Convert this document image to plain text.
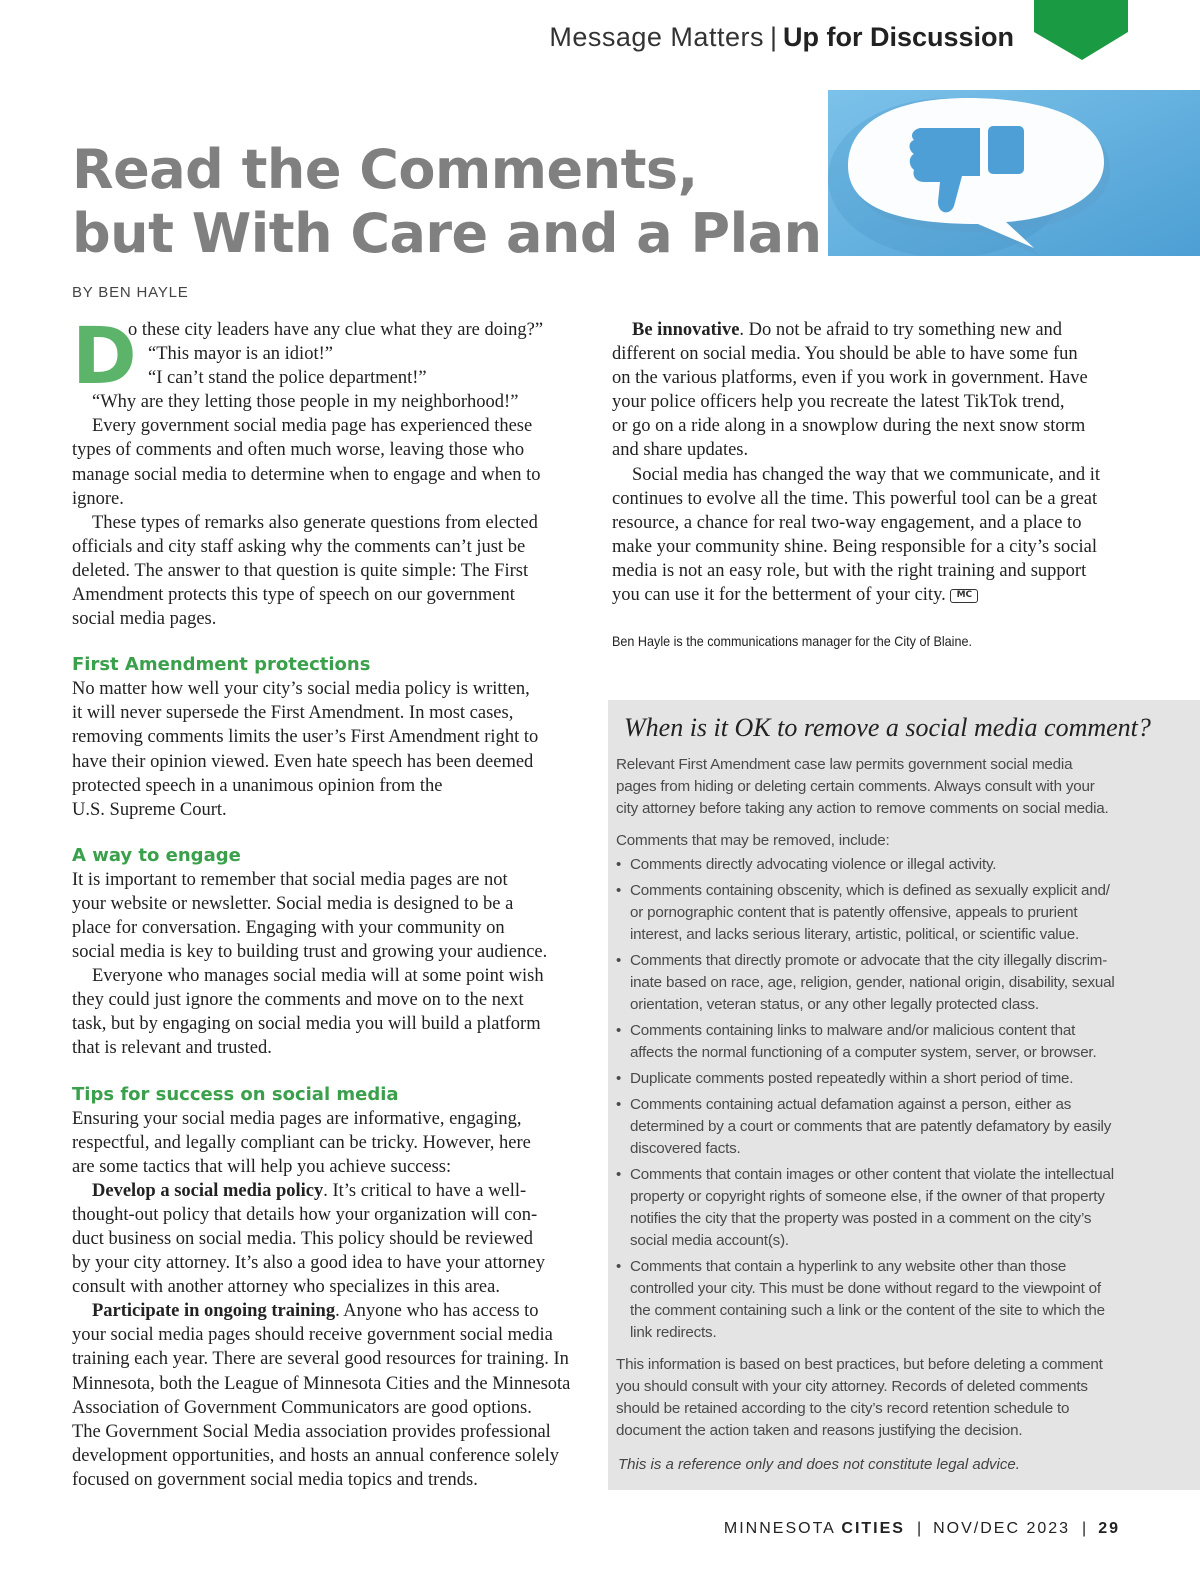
Message Matters | Up for Discussion
Read the Comments,
but With Care and a Plan
BY BEN HAYLE
D
o these city leaders have any clue what they are doing?”
“This mayor is an idiot!”
“I can’t stand the police department!”
“Why are they letting those people in my neighborhood!”
Every government social media page has experienced these
types of comments and often much worse, leaving those who
manage social media to determine when to engage and when to
ignore.
These types of remarks also generate questions from elected
officials and city staff asking why the comments can’t just be
deleted. The answer to that question is quite simple: The First
Amendment protects this type of speech on our government
social media pages.
First Amendment protections
No matter how well your city’s social media policy is written,
it will never supersede the First Amendment. In most cases,
removing comments limits the user’s First Amendment right to
have their opinion viewed. Even hate speech has been deemed
protected speech in a unanimous opinion from the
U.S. Supreme Court.
A way to engage
It is important to remember that social media pages are not
your website or newsletter. Social media is designed to be a
place for conversation. Engaging with your community on
social media is key to building trust and growing your audience.
Everyone who manages social media will at some point wish
they could just ignore the comments and move on to the next
task, but by engaging on social media you will build a platform
that is relevant and trusted.
Tips for success on social media
Ensuring your social media pages are informative, engaging,
respectful, and legally compliant can be tricky. However, here
are some tactics that will help you achieve success:
Develop a social media policy. It’s critical to have a well-
thought-out policy that details how your organization will con-
duct business on social media. This policy should be reviewed
by your city attorney. It’s also a good idea to have your attorney
consult with another attorney who specializes in this area.
Participate in ongoing training. Anyone who has access to
your social media pages should receive government social media
training each year. There are several good resources for training. In
Minnesota, both the League of Minnesota Cities and the Minnesota
Association of Government Communicators are good options.
The Government Social Media association provides professional
development opportunities, and hosts an annual conference solely
focused on government social media topics and trends.
Be innovative. Do not be afraid to try something new and
different on social media. You should be able to have some fun
on the various platforms, even if you work in government. Have
your police officers help you recreate the latest TikTok trend,
or go on a ride along in a snowplow during the next snow storm
and share updates.
Social media has changed the way that we communicate, and it
continues to evolve all the time. This powerful tool can be a great
resource, a chance for real two-way engagement, and a place to
make your community shine. Being responsible for a city’s social
media is not an easy role, but with the right training and support
you can use it for the betterment of your city. MC
Ben Hayle is the communications manager for the City of Blaine.
When is it OK to remove a social media comment?
Relevant First Amendment case law permits government social media
pages from hiding or deleting certain comments. Always consult with your
city attorney before taking any action to remove comments on social media.
Comments that may be removed, include:
• Comments directly advocating violence or illegal activity.
• Comments containing obscenity, which is defined as sexually explicit and/
or pornographic content that is patently offensive, appeals to prurient
interest, and lacks serious literary, artistic, political, or scientific value.
• Comments that directly promote or advocate that the city illegally discrim-
inate based on race, age, religion, gender, national origin, disability, sexual
orientation, veteran status, or any other legally protected class.
• Comments containing links to malware and/or malicious content that
affects the normal functioning of a computer system, server, or browser.
• Duplicate comments posted repeatedly within a short period of time.
• Comments containing actual defamation against a person, either as
determined by a court or comments that are patently defamatory by easily
discovered facts.
• Comments that contain images or other content that violate the intellectual
property or copyright rights of someone else, if the owner of that property
notifies the city that the property was posted in a comment on the city’s
social media account(s).
• Comments that contain a hyperlink to any website other than those
controlled your city. This must be done without regard to the viewpoint of
the comment containing such a link or the content of the site to which the
link redirects.
This information is based on best practices, but before deleting a comment
you should consult with your city attorney. Records of deleted comments
should be retained according to the city’s record retention schedule to
document the action taken and reasons justifying the decision.
This is a reference only and does not constitute legal advice.
MINNESOTA CITIES | NOV/DEC 2023 | 29
